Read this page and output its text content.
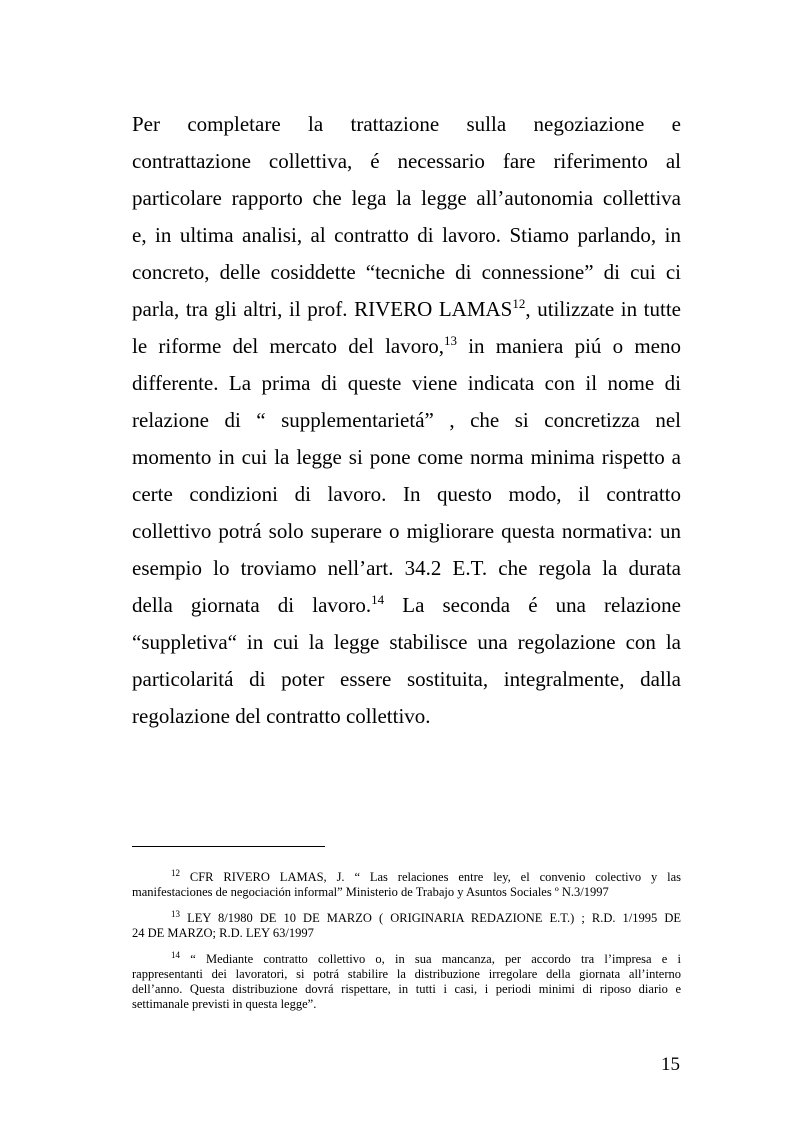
Per completare la trattazione sulla negoziazione e
contrattazione collettiva, é necessario fare riferimento al
particolare rapporto che lega la legge all’autonomia collettiva
e, in ultima analisi, al contratto di lavoro. Stiamo parlando, in
concreto, delle cosiddette “tecniche di connessione” di cui ci
parla, tra gli altri, il prof. RIVERO LAMAS$^{12}$, utilizzate in tutte
le riforme del mercato del lavoro,$^{13}$ in maniera piú o meno
differente. La prima di queste viene indicata con il nome di
relazione di “ supplementarietá” , che si concretizza nel
momento in cui la legge si pone come norma minima rispetto a
certe condizioni di lavoro. In questo modo, il contratto
collettivo potrá solo superare o migliorare questa normativa: un
esempio lo troviamo nell’art. 34.2 E.T. che regola la durata
della giornata di lavoro.$^{14}$ La seconda é una relazione
“suppletiva“ in cui la legge stabilisce una regolazione con la
particolaritá di poter essere sostituita, integralmente, dalla
regolazione del contratto collettivo.
$^{12}$ CFR RIVERO LAMAS, J. “ Las relaciones entre ley, el convenio colectivo y las
manifestaciones de negociación informal” Ministerio de Trabajo y Asuntos Sociales º N.3/1997
$^{13}$ LEY 8/1980 DE 10 DE MARZO ( ORIGINARIA REDAZIONE E.T.) ; R.D. 1/1995 DE
24 DE MARZO; R.D. LEY 63/1997
$^{14}$ “ Mediante contratto collettivo o, in sua mancanza, per accordo tra l’impresa e i
rappresentanti dei lavoratori, si potrá stabilire la distribuzione irregolare della giornata all’interno
dell’anno. Questa distribuzione dovrá rispettare, in tutti i casi, i periodi minimi di riposo diario e
settimanale previsti in questa legge”.
15
